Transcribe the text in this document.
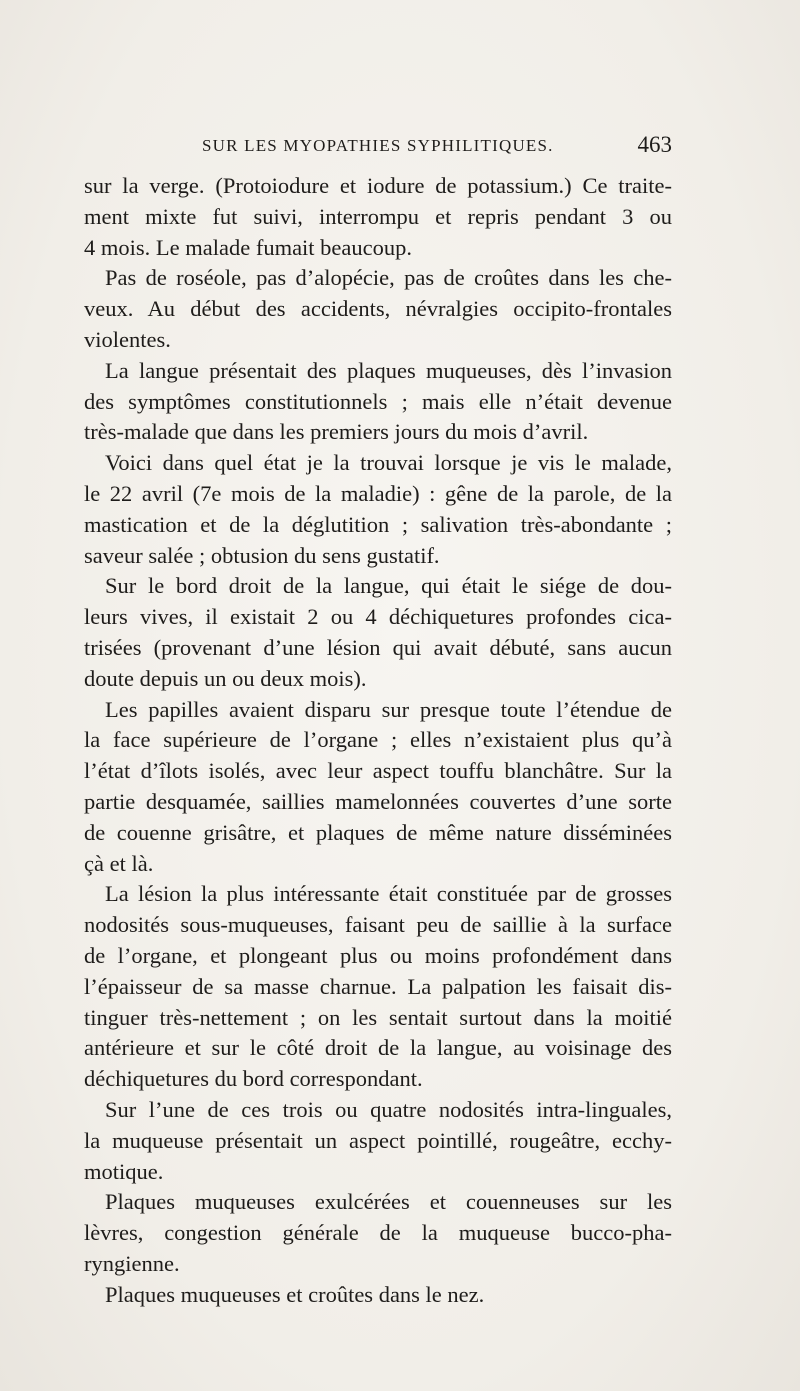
SUR LES MYOPATHIES SYPHILITIQUES.	463
sur la verge. (Protoiodure et iodure de potassium.) Ce traite-
ment mixte fut suivi, interrompu et repris pendant 3 ou
4 mois. Le malade fumait beaucoup.
Pas de roséole, pas d’alopécie, pas de croûtes dans les che-
veux. Au début des accidents, névralgies occipito-frontales
violentes.
La langue présentait des plaques muqueuses, dès l’invasion
des symptômes constitutionnels ; mais elle n’était devenue
très-malade que dans les premiers jours du mois d’avril.
Voici dans quel état je la trouvai lorsque je vis le malade,
le 22 avril (7e mois de la maladie) : gêne de la parole, de la
mastication et de la déglutition ; salivation très-abondante ;
saveur salée ; obtusion du sens gustatif.
Sur le bord droit de la langue, qui était le siége de dou-
leurs vives, il existait 2 ou 4 déchiquetures profondes cica-
trisées (provenant d’une lésion qui avait débuté, sans aucun
doute depuis un ou deux mois).
Les papilles avaient disparu sur presque toute l’étendue de
la face supérieure de l’organe ; elles n’existaient plus qu’à
l’état d’îlots isolés, avec leur aspect touffu blanchâtre. Sur la
partie desquamée, saillies mamelonnées couvertes d’une sorte
de couenne grisâtre, et plaques de même nature disséminées
çà et là.
La lésion la plus intéressante était constituée par de grosses
nodosités sous-muqueuses, faisant peu de saillie à la surface
de l’organe, et plongeant plus ou moins profondément dans
l’épaisseur de sa masse charnue. La palpation les faisait dis-
tinguer très-nettement ; on les sentait surtout dans la moitié
antérieure et sur le côté droit de la langue, au voisinage des
déchiquetures du bord correspondant.
Sur l’une de ces trois ou quatre nodosités intra-linguales,
la muqueuse présentait un aspect pointillé, rougeâtre, ecchy-
motique.
Plaques muqueuses exulcérées et couenneuses sur les
lèvres, congestion générale de la muqueuse bucco-pha-
ryngienne.
Plaques muqueuses et croûtes dans le nez.
